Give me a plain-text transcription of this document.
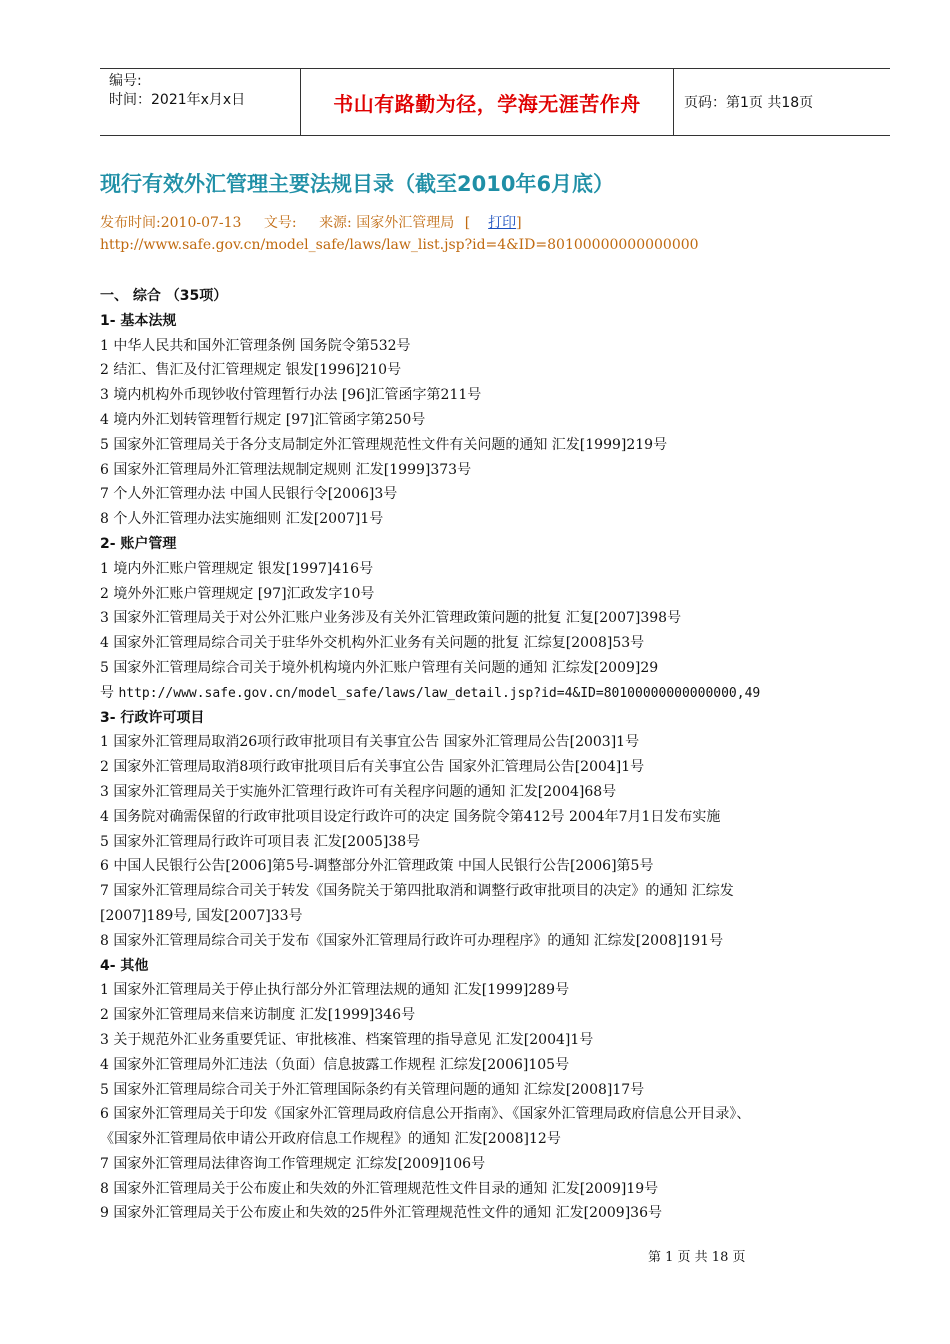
编号:
时间：2021年x月x日	书山有路勤为径，学海无涯苦作舟	页码：第1页 共18页
现行有效外汇管理主要法规目录（截至2010年6月底）
发布时间:2010-07-13 文号: 来源: 国家外汇管理局 [ 打印]
http://www.safe.gov.cn/model_safe/laws/law_list.jsp?id=4&ID=80100000000000000
一、 综合 （35项）
1- 基本法规
1 中华人民共和国外汇管理条例 国务院令第532号
2 结汇、售汇及付汇管理规定 银发[1996]210号
3 境内机构外币现钞收付管理暂行办法 [96]汇管函字第211号
4 境内外汇划转管理暂行规定 [97]汇管函字第250号
5 国家外汇管理局关于各分支局制定外汇管理规范性文件有关问题的通知 汇发[1999]219号
6 国家外汇管理局外汇管理法规制定规则 汇发[1999]373号
7 个人外汇管理办法 中国人民银行令[2006]3号
8 个人外汇管理办法实施细则 汇发[2007]1号
2- 账户管理
1 境内外汇账户管理规定 银发[1997]416号
2 境外外汇账户管理规定 [97]汇政发字10号
3 国家外汇管理局关于对公外汇账户业务涉及有关外汇管理政策问题的批复 汇复[2007]398号
4 国家外汇管理局综合司关于驻华外交机构外汇业务有关问题的批复 汇综复[2008]53号
5 国家外汇管理局综合司关于境外机构境内外汇账户管理有关问题的通知 汇综发[2009]29
号 http://www.safe.gov.cn/model_safe/laws/law_detail.jsp?id=4&ID=80100000000000000,49
3- 行政许可项目
1 国家外汇管理局取消26项行政审批项目有关事宜公告 国家外汇管理局公告[2003]1号
2 国家外汇管理局取消8项行政审批项目后有关事宜公告 国家外汇管理局公告[2004]1号
3 国家外汇管理局关于实施外汇管理行政许可有关程序问题的通知 汇发[2004]68号
4 国务院对确需保留的行政审批项目设定行政许可的决定 国务院令第412号 2004年7月1日发布实施
5 国家外汇管理局行政许可项目表 汇发[2005]38号
6 中国人民银行公告[2006]第5号-调整部分外汇管理政策 中国人民银行公告[2006]第5号
7 国家外汇管理局综合司关于转发《国务院关于第四批取消和调整行政审批项目的决定》的通知 汇综发
[2007]189号, 国发[2007]33号
8 国家外汇管理局综合司关于发布《国家外汇管理局行政许可办理程序》的通知 汇综发[2008]191号
4- 其他
1 国家外汇管理局关于停止执行部分外汇管理法规的通知 汇发[1999]289号
2 国家外汇管理局来信来访制度 汇发[1999]346号
3 关于规范外汇业务重要凭证、审批核准、档案管理的指导意见 汇发[2004]1号
4 国家外汇管理局外汇违法（负面）信息披露工作规程 汇综发[2006]105号
5 国家外汇管理局综合司关于外汇管理国际条约有关管理问题的通知 汇综发[2008]17号
6 国家外汇管理局关于印发《国家外汇管理局政府信息公开指南》、《国家外汇管理局政府信息公开目录》、
《国家外汇管理局依申请公开政府信息工作规程》的通知 汇发[2008]12号
7 国家外汇管理局法律咨询工作管理规定 汇综发[2009]106号
8 国家外汇管理局关于公布废止和失效的外汇管理规范性文件目录的通知 汇发[2009]19号
9 国家外汇管理局关于公布废止和失效的25件外汇管理规范性文件的通知 汇发[2009]36号
第 1 页 共 18 页
